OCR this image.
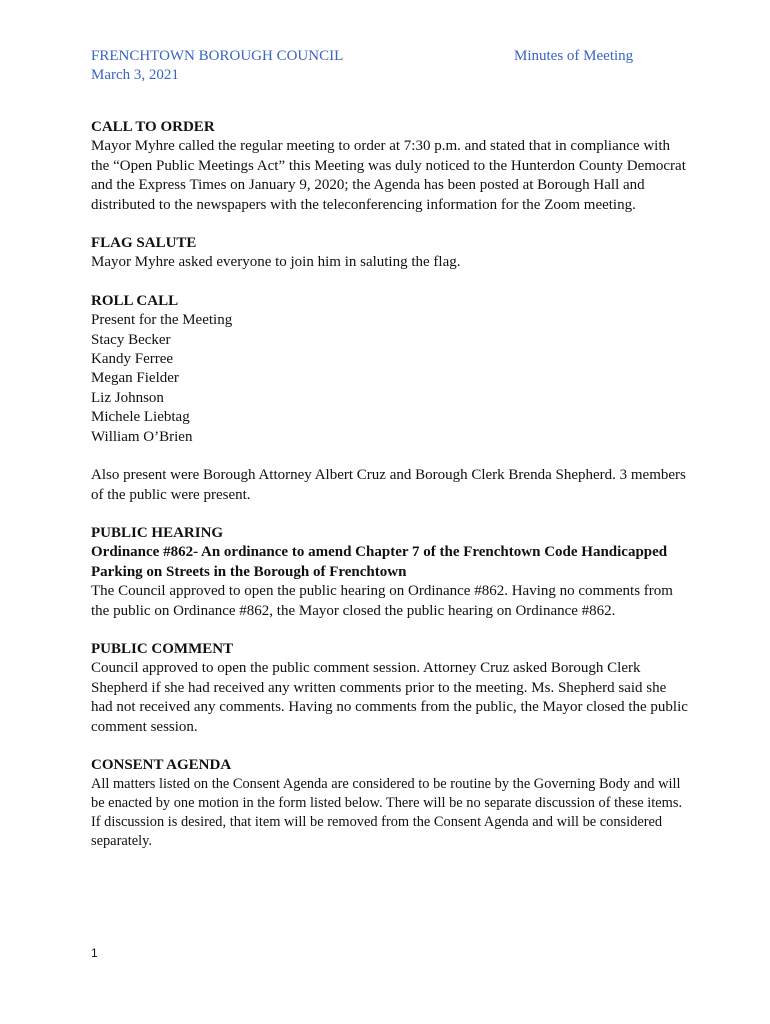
FRENCHTOWN BOROUGH COUNCIL
March 3, 2021
Minutes of Meeting
CALL TO ORDER
Mayor Myhre called the regular meeting to order at 7:30 p.m. and stated that in compliance with the “Open Public Meetings Act” this Meeting was duly noticed to the Hunterdon County Democrat and the Express Times on January 9, 2020; the Agenda has been posted at Borough Hall and distributed to the newspapers with the teleconferencing information for the Zoom meeting.
FLAG SALUTE
Mayor Myhre asked everyone to join him in saluting the flag.
ROLL CALL
Present for the Meeting
Stacy Becker
Kandy Ferree
Megan Fielder
Liz Johnson
Michele Liebtag
William O’Brien
Also present were Borough Attorney Albert Cruz and Borough Clerk Brenda Shepherd. 3 members of the public were present.
PUBLIC HEARING
Ordinance #862- An ordinance to amend Chapter 7 of the Frenchtown Code Handicapped Parking on Streets in the Borough of Frenchtown
The Council approved to open the public hearing on Ordinance #862. Having no comments from the public on Ordinance #862, the Mayor closed the public hearing on Ordinance #862.
PUBLIC COMMENT
Council approved to open the public comment session. Attorney Cruz asked Borough Clerk Shepherd if she had received any written comments prior to the meeting. Ms. Shepherd said she had not received any comments. Having no comments from the public, the Mayor closed the public comment session.
CONSENT AGENDA
All matters listed on the Consent Agenda are considered to be routine by the Governing Body and will be enacted by one motion in the form listed below. There will be no separate discussion of these items. If discussion is desired, that item will be removed from the Consent Agenda and will be considered separately.
1
